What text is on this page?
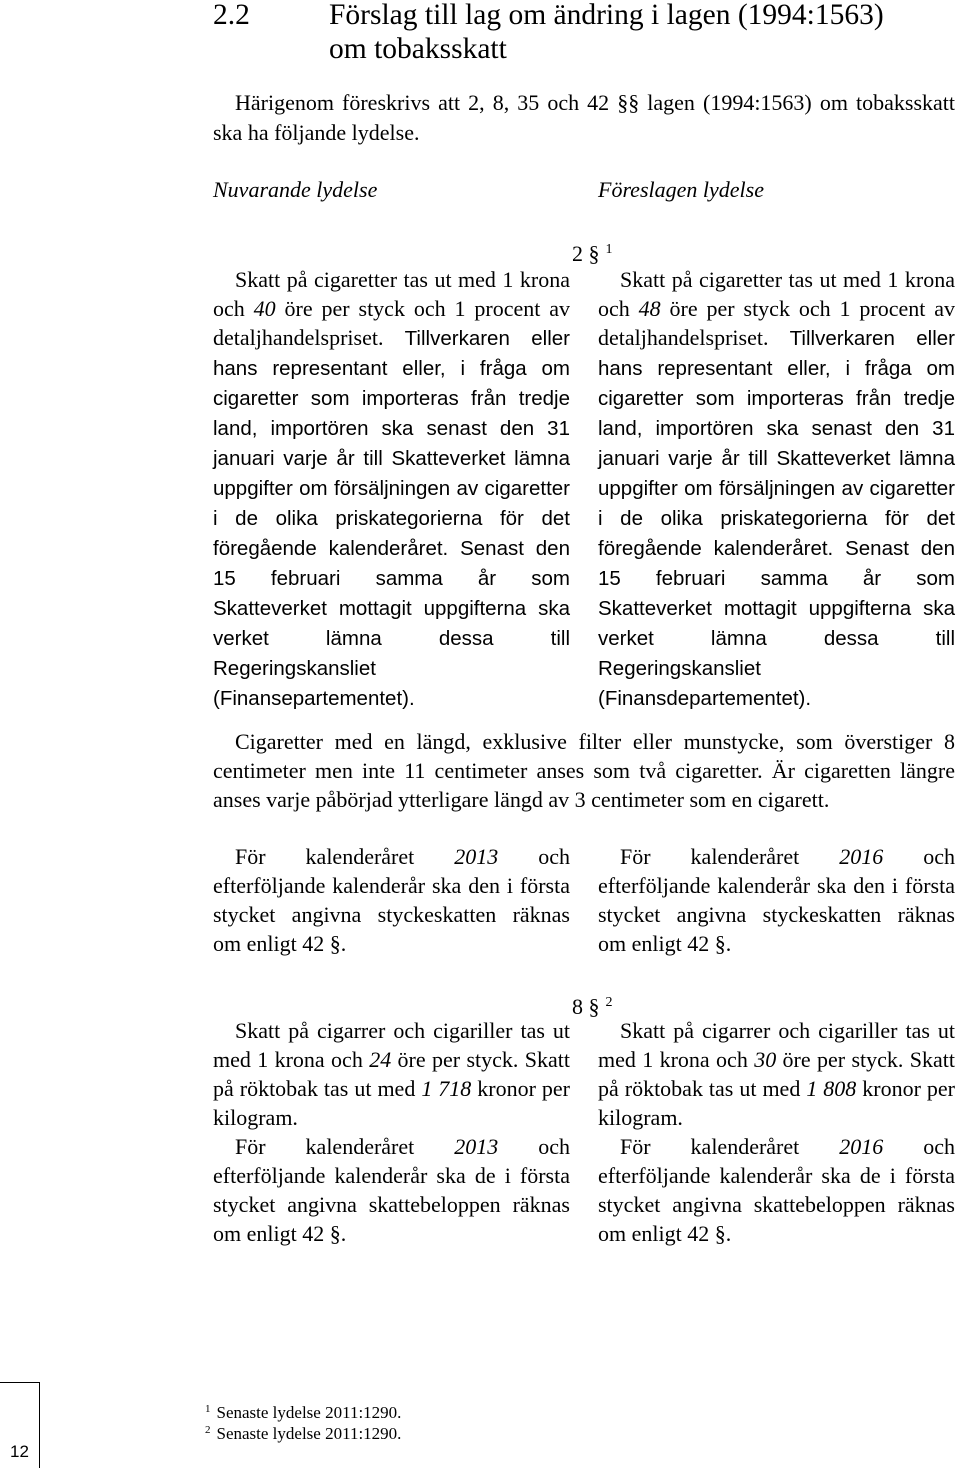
2.2	Förslag till lag om ändring i lagen (1994:1563)
om tobaksskatt
Härigenom föreskrivs att 2, 8, 35 och 42 §§ lagen (1994:1563) om tobaksskatt ska ha följande lydelse.
Nuvarande lydelse	Föreslagen lydelse
2 § $^1$

Skatt på cigaretter tas ut med 1 krona och 40 öre per styck och 1 procent av detaljhandelspriset. Tillverkaren eller hans representant eller, i fråga om cigaretter som importeras från tredje land, importören ska senast den 31 januari varje år till Skatteverket lämna uppgifter om försäljningen av cigaretter i de olika priskategorierna för det föregående kalenderåret. Senast den 15 februari samma år som Skatteverket mottagit uppgifterna ska verket lämna dessa till Regeringskansliet (Finansepartementet).

Skatt på cigaretter tas ut med 1 krona och 48 öre per styck och 1 procent av detaljhandelspriset. Tillverkaren eller hans representant eller, i fråga om cigaretter som importeras från tredje land, importören ska senast den 31 januari varje år till Skatteverket lämna uppgifter om försäljningen av cigaretter i de olika priskategorierna för det föregående kalenderåret. Senast den 15 februari samma år som Skatteverket mottagit uppgifterna ska verket lämna dessa till Regeringskansliet (Finansdepartementet).

Cigaretter med en längd, exklusive filter eller munstycke, som överstiger 8 centimeter men inte 11 centimeter anses som två cigaretter. Är cigaretten längre anses varje påbörjad ytterligare längd av 3 centimeter som en cigarett.

För kalenderåret 2013 och efterföljande kalenderår ska den i första stycket angivna styckeskatten räknas om enligt 42 §.

För kalenderåret 2016 och efterföljande kalenderår ska den i första stycket angivna styckeskatten räknas om enligt 42 §.

8 § $^2$

Skatt på cigarrer och cigariller tas ut med 1 krona och 24 öre per styck. Skatt på röktobak tas ut med 1 718 kronor per kilogram.

För kalenderåret 2013 och efterföljande kalenderår ska de i första stycket angivna skattebeloppen räknas om enligt 42 §.

Skatt på cigarrer och cigariller tas ut med 1 krona och 30 öre per styck. Skatt på röktobak tas ut med 1 808 kronor per kilogram.

För kalenderåret 2016 och efterföljande kalenderår ska de i första stycket angivna skattebeloppen räknas om enligt 42 §.

$^1$ Senaste lydelse 2011:1290.
$^2$ Senaste lydelse 2011:1290.
12
